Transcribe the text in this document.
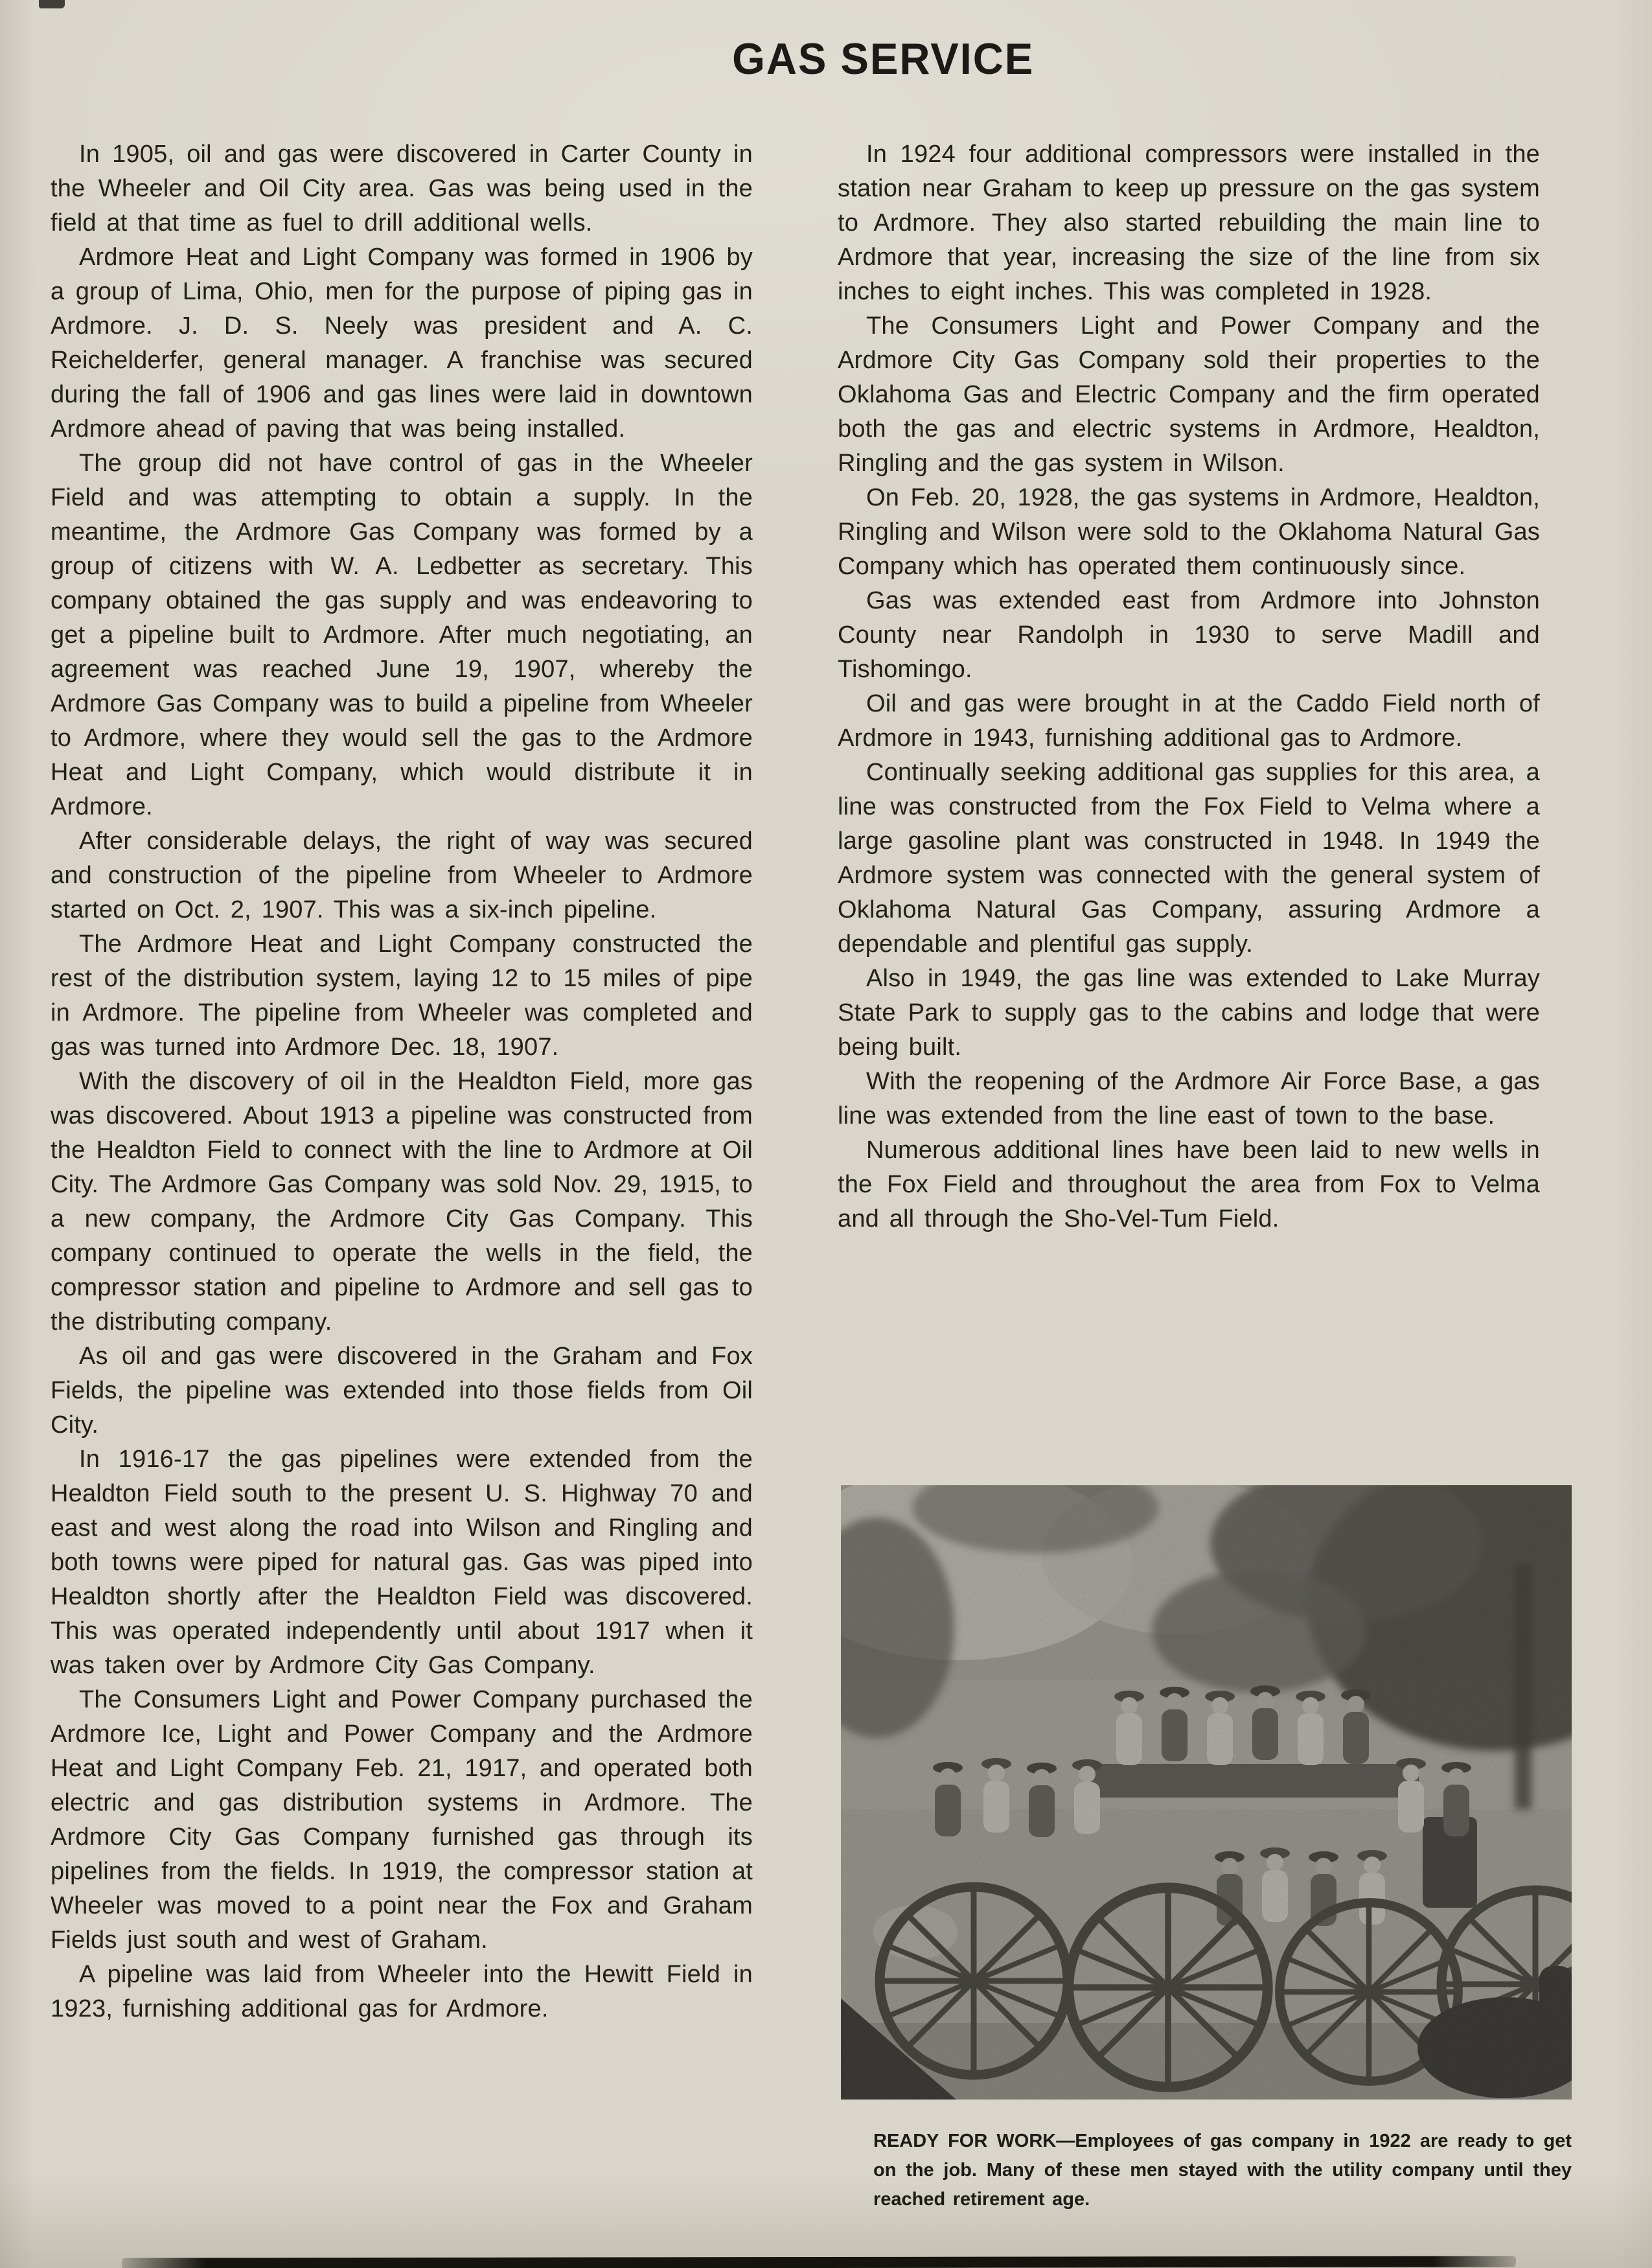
GAS SERVICE

In 1905, oil and gas were discovered in Carter County in the Wheeler and Oil City area. Gas was being used in the field at that time as fuel to drill additional wells.

Ardmore Heat and Light Company was formed in 1906 by a group of Lima, Ohio, men for the purpose of piping gas in Ardmore. J. D. S. Neely was president and A. C. Reichelderfer, general manager. A franchise was secured during the fall of 1906 and gas lines were laid in downtown Ardmore ahead of paving that was being installed.

The group did not have control of gas in the Wheeler Field and was attempting to obtain a supply. In the meantime, the Ardmore Gas Company was formed by a group of citizens with W. A. Ledbetter as secretary. This company obtained the gas supply and was endeavoring to get a pipeline built to Ardmore. After much negotiating, an agreement was reached June 19, 1907, whereby the Ardmore Gas Company was to build a pipeline from Wheeler to Ardmore, where they would sell the gas to the Ardmore Heat and Light Company, which would distribute it in Ardmore.

After considerable delays, the right of way was secured and construction of the pipeline from Wheeler to Ardmore started on Oct. 2, 1907. This was a six-inch pipeline.

The Ardmore Heat and Light Company constructed the rest of the distribution system, laying 12 to 15 miles of pipe in Ardmore. The pipeline from Wheeler was completed and gas was turned into Ardmore Dec. 18, 1907.

With the discovery of oil in the Healdton Field, more gas was discovered. About 1913 a pipeline was constructed from the Healdton Field to connect with the line to Ardmore at Oil City. The Ardmore Gas Company was sold Nov. 29, 1915, to a new company, the Ardmore City Gas Company. This company continued to operate the wells in the field, the compressor station and pipeline to Ardmore and sell gas to the distributing company.

As oil and gas were discovered in the Graham and Fox Fields, the pipeline was extended into those fields from Oil City.

In 1916-17 the gas pipelines were extended from the Healdton Field south to the present U. S. Highway 70 and east and west along the road into Wilson and Ringling and both towns were piped for natural gas. Gas was piped into Healdton shortly after the Healdton Field was discovered. This was operated independently until about 1917 when it was taken over by Ardmore City Gas Company.

The Consumers Light and Power Company purchased the Ardmore Ice, Light and Power Company and the Ardmore Heat and Light Company Feb. 21, 1917, and operated both electric and gas distribution systems in Ardmore. The Ardmore City Gas Company furnished gas through its pipelines from the fields. In 1919, the compressor station at Wheeler was moved to a point near the Fox and Graham Fields just south and west of Graham.

A pipeline was laid from Wheeler into the Hewitt Field in 1923, furnishing additional gas for Ardmore.

In 1924 four additional compressors were installed in the station near Graham to keep up pressure on the gas system to Ardmore. They also started rebuilding the main line to Ardmore that year, increasing the size of the line from six inches to eight inches. This was completed in 1928.

The Consumers Light and Power Company and the Ardmore City Gas Company sold their properties to the Oklahoma Gas and Electric Company and the firm operated both the gas and electric systems in Ardmore, Healdton, Ringling and the gas system in Wilson.

On Feb. 20, 1928, the gas systems in Ardmore, Healdton, Ringling and Wilson were sold to the Oklahoma Natural Gas Company which has operated them continuously since.

Gas was extended east from Ardmore into Johnston County near Randolph in 1930 to serve Madill and Tishomingo.

Oil and gas were brought in at the Caddo Field north of Ardmore in 1943, furnishing additional gas to Ardmore.

Continually seeking additional gas supplies for this area, a line was constructed from the Fox Field to Velma where a large gasoline plant was constructed in 1948. In 1949 the Ardmore system was connected with the general system of Oklahoma Natural Gas Company, assuring Ardmore a dependable and plentiful gas supply.

Also in 1949, the gas line was extended to Lake Murray State Park to supply gas to the cabins and lodge that were being built.

With the reopening of the Ardmore Air Force Base, a gas line was extended from the line east of town to the base.

Numerous additional lines have been laid to new wells in the Fox Field and throughout the area from Fox to Velma and all through the Sho-Vel-Tum Field.

READY FOR WORK—Employees of gas company in 1922 are ready to get on the job. Many of these men stayed with the utility company until they reached retirement age.
